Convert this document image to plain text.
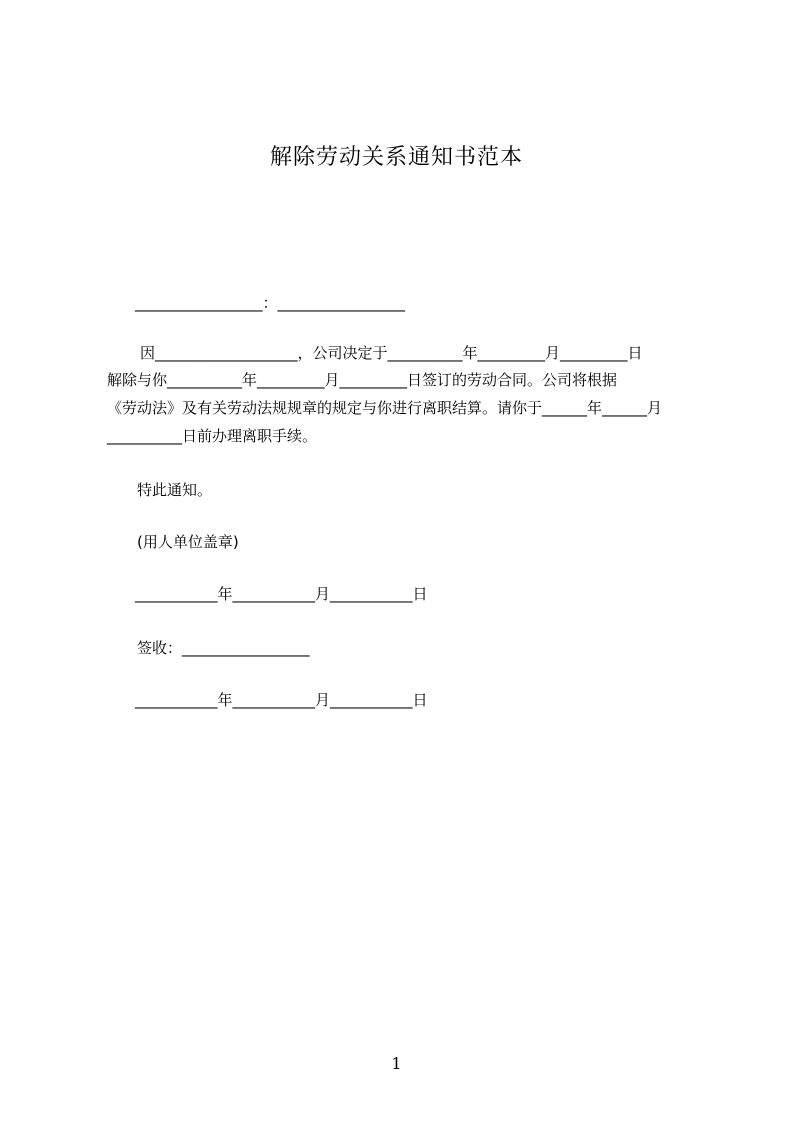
解除劳动关系通知书范本
_________________：_________________
因___________________，公司决定于__________年_________月_________日
解除与你__________年_________月_________日签订的劳动合同。公司将根据
《劳动法》及有关劳动法规规章的规定与你进行离职结算。请你于______年______月
__________日前办理离职手续。
特此通知。
(用人单位盖章)
___________年___________月___________日
签收：_________________
___________年___________月___________日
1
